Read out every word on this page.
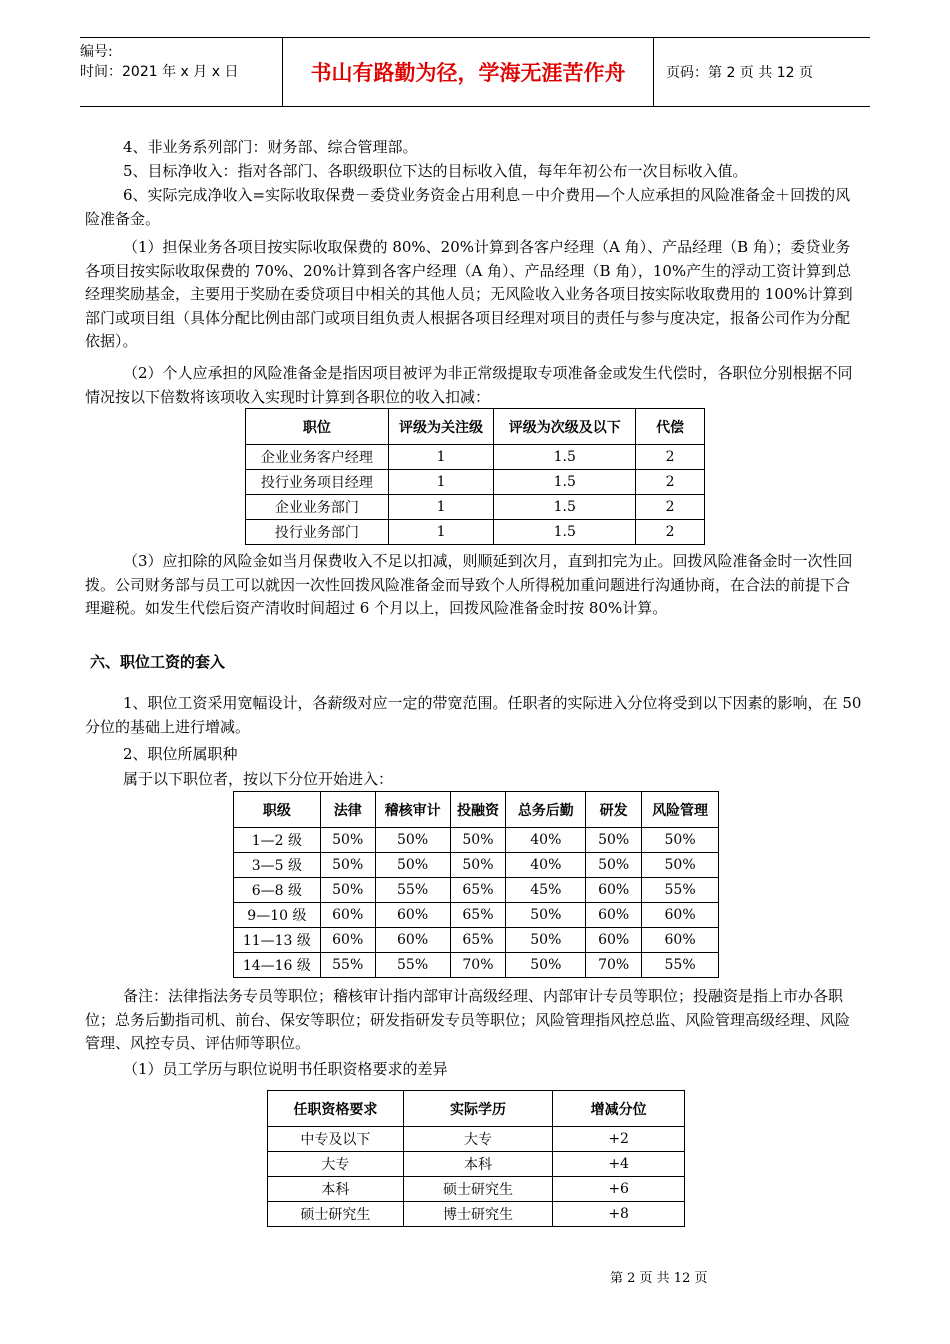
编号:
时间：2021 年 x 月 x 日	书山有路勤为径，学海无涯苦作舟	页码：第 2 页 共 12 页

4、非业务系列部门：财务部、综合管理部。

5、目标净收入：指对各部门、各职级职位下达的目标收入值，每年年初公布一次目标收入值。

6、实际完成净收入=实际收取保费－委贷业务资金占用利息－中介费用—个人应承担的风险准备金＋回拨的风险准备金。

（1）担保业务各项目按实际收取保费的 80%、20%计算到各客户经理（A 角）、产品经理（B 角）；委贷业务各项目按实际收取保费的 70%、20%计算到各客户经理（A 角）、产品经理（B 角），10%产生的浮动工资计算到总经理奖励基金，主要用于奖励在委贷项目中相关的其他人员；无风险收入业务各项目按实际收取费用的 100%计算到部门或项目组（具体分配比例由部门或项目组负责人根据各项目经理对项目的责任与参与度决定，报备公司作为分配依据）。

（2）个人应承担的风险准备金是指因项目被评为非正常级提取专项准备金或发生代偿时，各职位分别根据不同情况按以下倍数将该项收入实现时计算到各职位的收入扣减：

职位	评级为关注级	评级为次级及以下	代偿
企业业务客户经理	1	1.5	2
投行业务项目经理	1	1.5	2
企业业务部门	1	1.5	2
投行业务部门	1	1.5	2

（3）应扣除的风险金如当月保费收入不足以扣减，则顺延到次月，直到扣完为止。回拨风险准备金时一次性回拨。公司财务部与员工可以就因一次性回拨风险准备金而导致个人所得税加重问题进行沟通协商，在合法的前提下合理避税。如发生代偿后资产清收时间超过 6 个月以上，回拨风险准备金时按 80%计算。

六、职位工资的套入

1、职位工资采用宽幅设计，各薪级对应一定的带宽范围。任职者的实际进入分位将受到以下因素的影响，在 50 分位的基础上进行增减。

2、职位所属职种

属于以下职位者，按以下分位开始进入：

职级	法律	稽核审计	投融资	总务后勤	研发	风险管理
1—2 级	50%	50%	50%	40%	50%	50%
3—5 级	50%	50%	50%	40%	50%	50%
6—8 级	50%	55%	65%	45%	60%	55%
9—10 级	60%	60%	65%	50%	60%	60%
11—13 级	60%	60%	65%	50%	60%	60%
14—16 级	55%	55%	70%	50%	70%	55%

备注：法律指法务专员等职位；稽核审计指内部审计高级经理、内部审计专员等职位；投融资是指上市办各职位；总务后勤指司机、前台、保安等职位；研发指研发专员等职位；风险管理指风控总监、风险管理高级经理、风险管理、风控专员、评估师等职位。

（1）员工学历与职位说明书任职资格要求的差异

任职资格要求	实际学历	增减分位
中专及以下	大专	+2
大专	本科	+4
本科	硕士研究生	+6
硕士研究生	博士研究生	+8
第 2 页 共 12 页
